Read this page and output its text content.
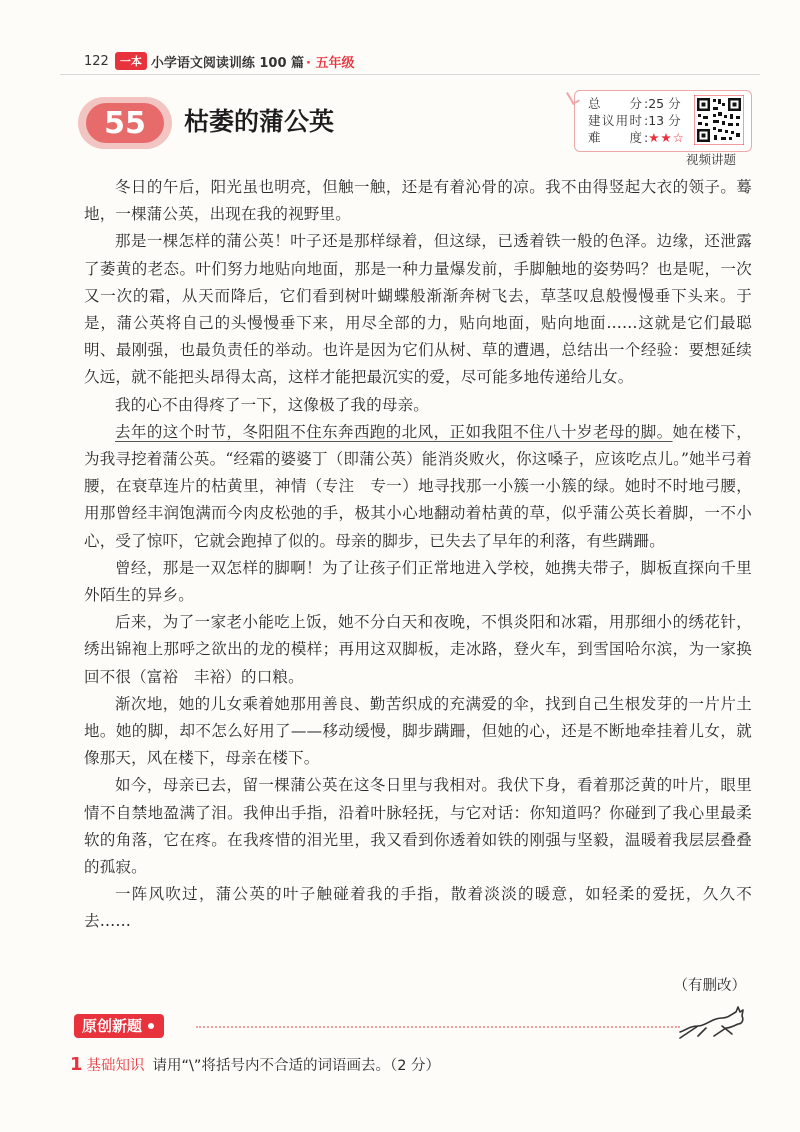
122	一本 小学语文阅读训练 100 篇 · 五年级
55	枯萎的蒲公英
总分 :25 分
建议用时 :13 分
难度 : ★★☆
视频讲题

冬日的午后，阳光虽也明亮，但触一触，还是有着沁骨的凉。我不由得竖起大衣的领子。蓦地，一棵蒲公英，出现在我的视野里。

那是一棵怎样的蒲公英！叶子还是那样绿着，但这绿，已透着铁一般的色泽。边缘，还泄露了萎黄的老态。叶们努力地贴向地面，那是一种力量爆发前，手脚触地的姿势吗？也是呢，一次又一次的霜，从天而降后，它们看到树叶蝴蝶般渐渐奔树飞去，草茎叹息般慢慢垂下头来。于是，蒲公英将自己的头慢慢垂下来，用尽全部的力，贴向地面，贴向地面……这就是它们最聪明、最刚强，也最负责任的举动。也许是因为它们从树、草的遭遇，总结出一个经验：要想延续久远，就不能把头昂得太高，这样才能把最沉实的爱，尽可能多地传递给儿女。

我的心不由得疼了一下，这像极了我的母亲。

去年的这个时节，冬阳阻不住东奔西跑的北风，正如我阻不住八十岁老母的脚。她在楼下，为我寻挖着蒲公英。“经霜的婆婆丁（即蒲公英）能消炎败火，你这嗓子，应该吃点儿。”她半弓着腰，在衰草连片的枯黄里，神情（专注　专一）地寻找那一小簇一小簇的绿。她时不时地弓腰，用那曾经丰润饱满而今肉皮松弛的手，极其小心地翻动着枯黄的草，似乎蒲公英长着脚，一不小心，受了惊吓，它就会跑掉了似的。母亲的脚步，已失去了早年的利落，有些蹒跚。

曾经，那是一双怎样的脚啊！为了让孩子们正常地进入学校，她携夫带子，脚板直探向千里外陌生的异乡。

后来，为了一家老小能吃上饭，她不分白天和夜晚，不惧炎阳和冰霜，用那细小的绣花针，绣出锦袍上那呼之欲出的龙的模样；再用这双脚板，走冰路，登火车，到雪国哈尔滨，为一家换回不很（富裕　丰裕）的口粮。

渐次地，她的儿女乘着她那用善良、勤苦织成的充满爱的伞，找到自己生根发芽的一片片土地。她的脚，却不怎么好用了——移动缓慢，脚步蹒跚，但她的心，还是不断地牵挂着儿女，就像那天，风在楼下，母亲在楼下。

如今，母亲已去，留一棵蒲公英在这冬日里与我相对。我伏下身，看着那泛黄的叶片，眼里情不自禁地盈满了泪。我伸出手指，沿着叶脉轻抚，与它对话：你知道吗？你碰到了我心里最柔软的角落，它在疼。在我疼惜的泪光里，我又看到你透着如铁的刚强与坚毅，温暖着我层层叠叠的孤寂。

一阵风吹过，蒲公英的叶子触碰着我的手指，散着淡淡的暖意，如轻柔的爱抚，久久不去……

（有删改）
原创新题
1 基础知识 请用“\”将括号内不合适的词语画去。（2 分）
